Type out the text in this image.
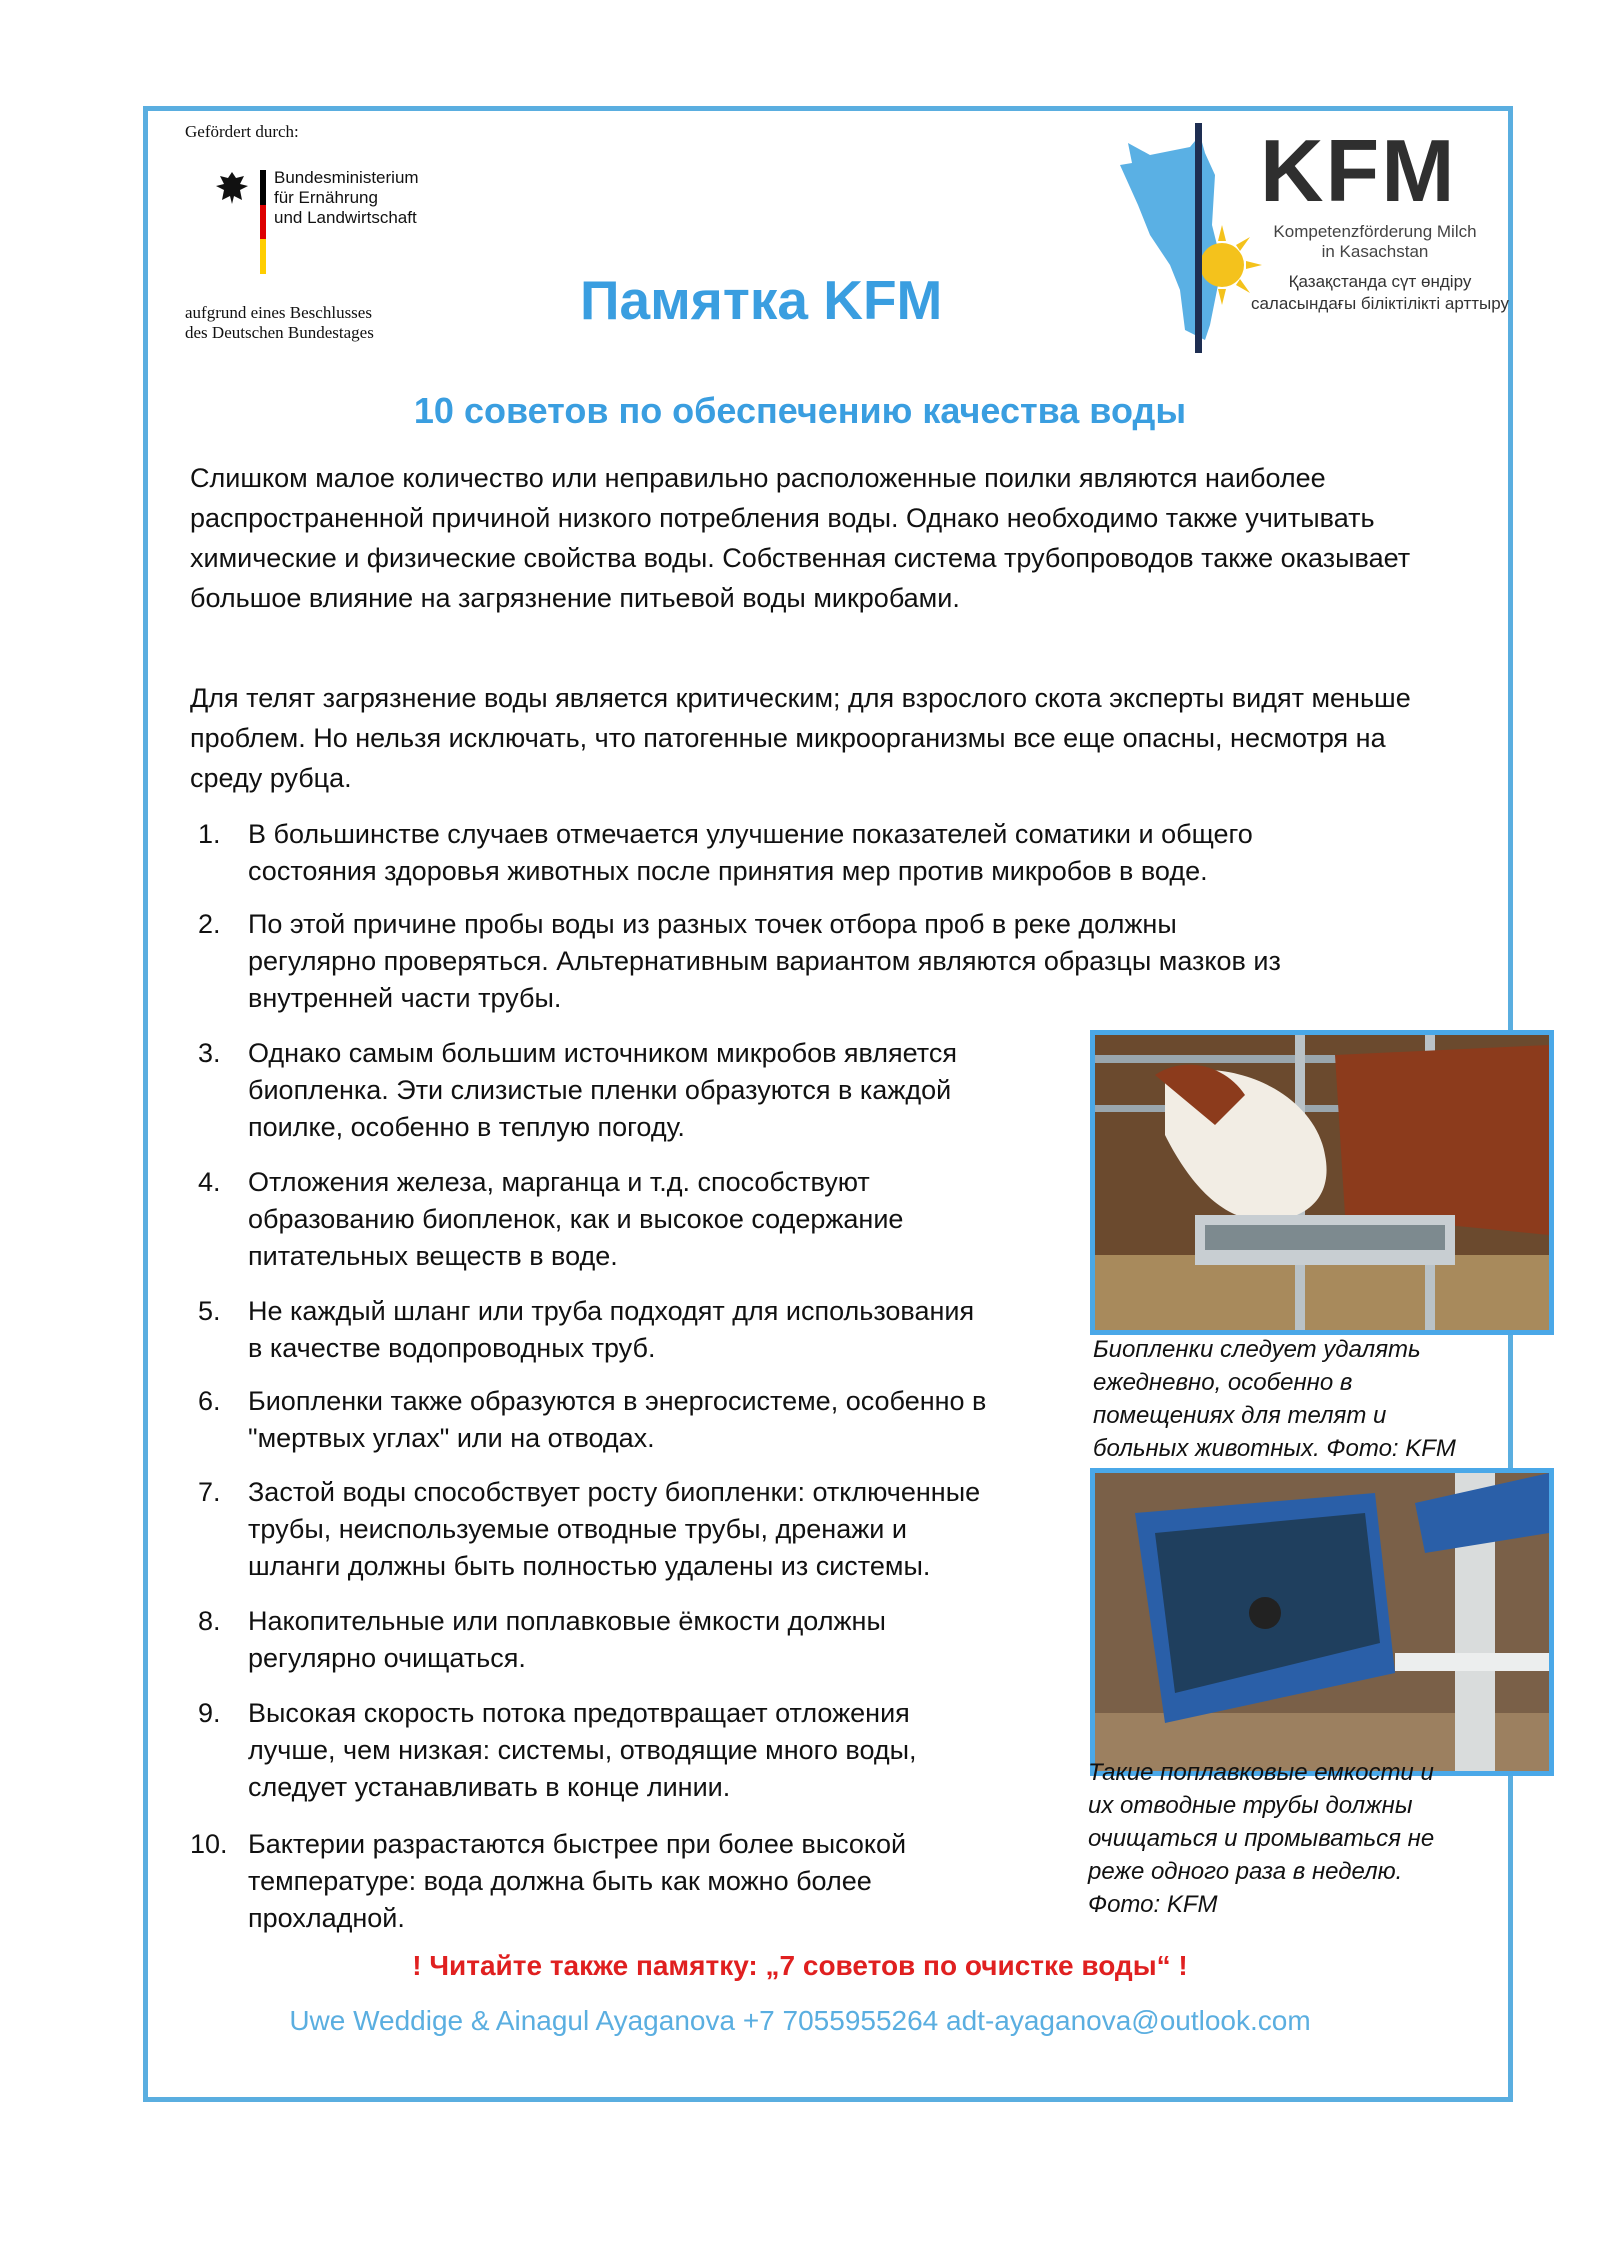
Gefördert durch:
Bundesministerium
für Ernährung
und Landwirtschaft
aufgrund eines Beschlusses
des Deutschen Bundestages
KFM
Kompetenzförderung Milch
in Kasachstan
Қазақстанда сүт өндіру
саласындағы біліктілікті арттыру
Памятка KFM
10 советов по обеспечению качества воды

Слишком малое количество или неправильно расположенные поилки являются наиболее распространенной причиной низкого потребления воды. Однако необходимо также учитывать химические и физические свойства воды. Собственная система трубопроводов также оказывает большое влияние на загрязнение питьевой воды микробами.

Для телят загрязнение воды является критическим; для взрослого скота эксперты видят меньше проблем. Но нельзя исключать, что патогенные микроорганизмы все еще опасны, несмотря на среду рубца.

1.	В большинстве случаев отмечается улучшение показателей соматики и общего
состояния здоровья животных после принятия мер против микробов в воде.
2.	По этой причине пробы воды из разных точек отбора проб в реке должны
регулярно проверяться. Альтернативным вариантом являются образцы мазков из
внутренней части трубы.
3.	Однако самым большим источником микробов является
биопленка. Эти слизистые пленки образуются в каждой
поилке, особенно в теплую погоду.
4.	Отложения железа, марганца и т.д. способствуют
образованию биопленок, как и высокое содержание
питательных веществ в воде.
5.	Не каждый шланг или труба подходят для использования
в качестве водопроводных труб.
6.	Биопленки также образуются в энергосистеме, особенно в
"мертвых углах" или на отводах.
7.	Застой воды способствует росту биопленки: отключенные
трубы, неиспользуемые отводные трубы, дренажи и
шланги должны быть полностью удалены из системы.
8.	Накопительные или поплавковые ёмкости должны
регулярно очищаться.
9.	Высокая скорость потока предотвращает отложения
лучше, чем низкая: системы, отводящие много воды,
следует устанавливать в конце линии.
10. Бактерии разрастаются быстрее при более высокой
температуре: вода должна быть как можно более
прохладной.
Биопленки следует удалять
ежедневно, особенно в
помещениях для телят и
больных животных. Фото: KFM
Такие поплавковые емкости и
их отводные трубы должны
очищаться и промываться не
реже одного раза в неделю.
Фото: KFM
! Читайте также памятку: „7 советов по очистке воды“ !
Uwe Weddige & Ainagul Ayaganova +7 7055955264 adt-ayaganova@outlook.com
